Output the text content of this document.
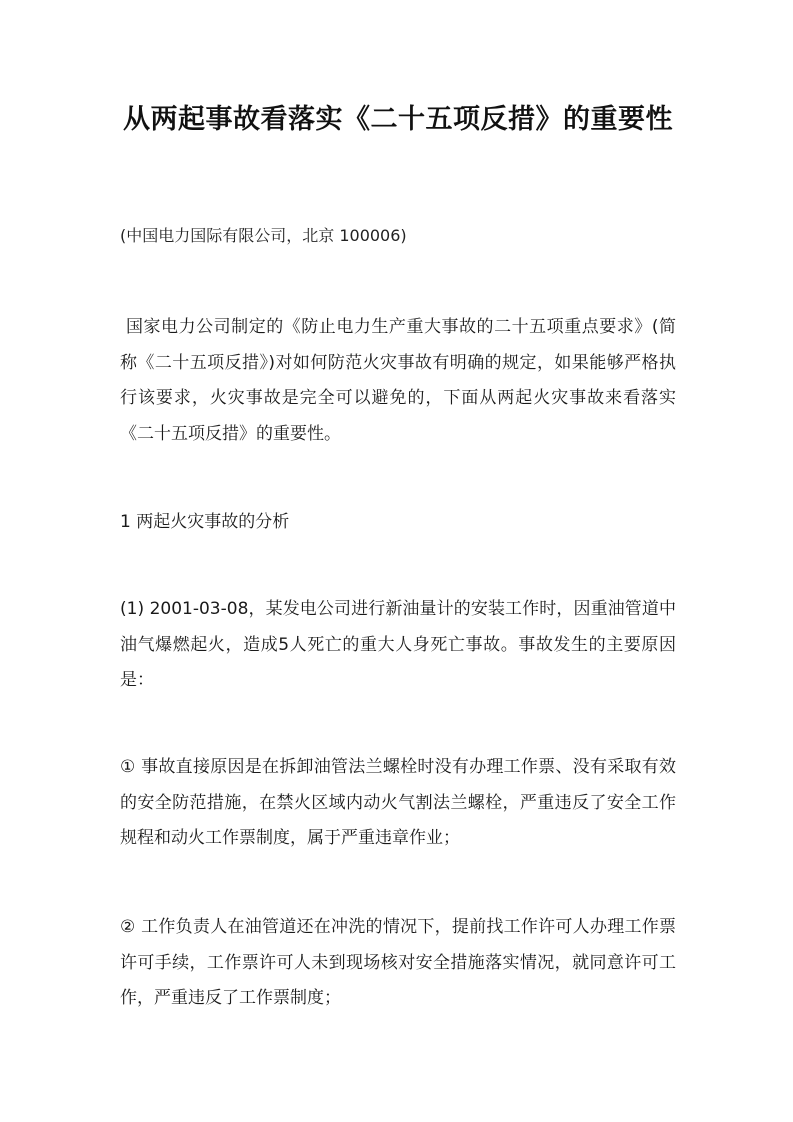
从两起事故看落实《二十五项反措》的重要性
(中国电力国际有限公司，北京 100006)
国家电力公司制定的《防止电力生产重大事故的二十五项重点要求》(简称《二十五项反措》)对如何防范火灾事故有明确的规定，如果能够严格执行该要求，火灾事故是完全可以避免的，下面从两起火灾事故来看落实《二十五项反措》的重要性。
1 两起火灾事故的分析
(1) 2001-03-08，某发电公司进行新油量计的安装工作时，因重油管道中油气爆燃起火，造成5人死亡的重大人身死亡事故。事故发生的主要原因是：
① 事故直接原因是在拆卸油管法兰螺栓时没有办理工作票、没有采取有效的安全防范措施，在禁火区域内动火气割法兰螺栓，严重违反了安全工作规程和动火工作票制度，属于严重违章作业；
② 工作负责人在油管道还在冲洗的情况下，提前找工作许可人办理工作票许可手续，工作票许可人未到现场核对安全措施落实情况，就同意许可工作，严重违反了工作票制度；
